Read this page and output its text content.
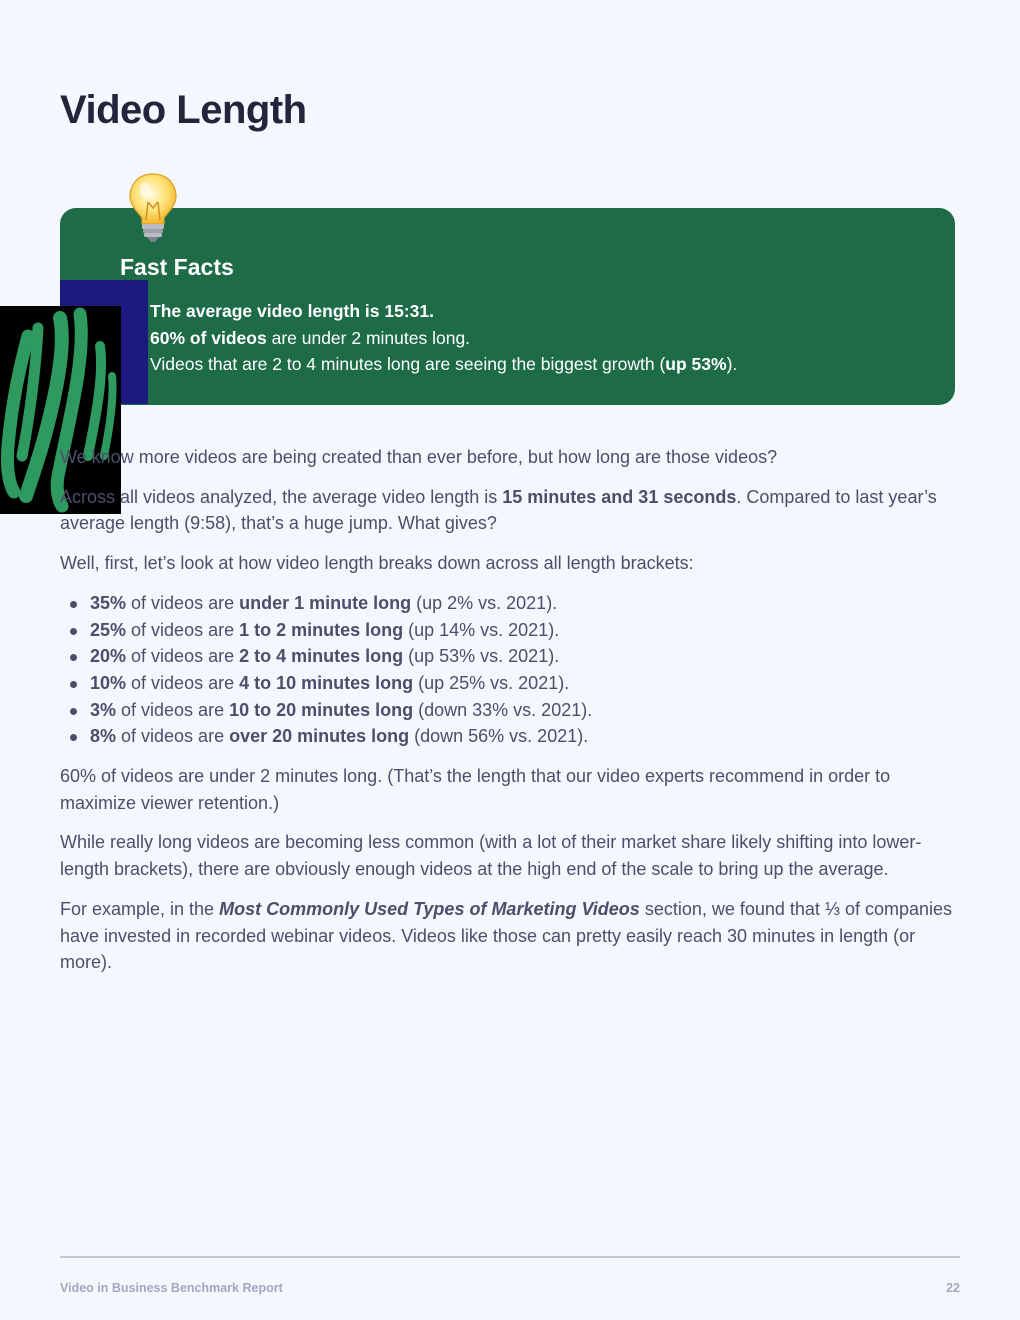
Video Length
Fast Facts
The average video length is 15:31.
60% of videos are under 2 minutes long.
Videos that are 2 to 4 minutes long are seeing the biggest growth (up 53%).

We know more videos are being created than ever before, but how long are those videos?

Across all videos analyzed, the average video length is 15 minutes and 31 seconds. Compared to last year’s average length (9:58), that’s a huge jump. What gives?

Well, first, let’s look at how video length breaks down across all length brackets:

35% of videos are under 1 minute long (up 2% vs. 2021).
25% of videos are 1 to 2 minutes long (up 14% vs. 2021).
20% of videos are 2 to 4 minutes long (up 53% vs. 2021).
10% of videos are 4 to 10 minutes long (up 25% vs. 2021).
3% of videos are 10 to 20 minutes long (down 33% vs. 2021).
8% of videos are over 20 minutes long (down 56% vs. 2021).

60% of videos are under 2 minutes long. (That’s the length that our video experts recommend in order to maximize viewer retention.)

While really long videos are becoming less common (with a lot of their market share likely shifting into lower-length brackets), there are obviously enough videos at the high end of the scale to bring up the average.

For example, in the Most Commonly Used Types of Marketing Videos section, we found that ⅓ of companies have invested in recorded webinar videos. Videos like those can pretty easily reach 30 minutes in length (or more).

Video in Business Benchmark Report	22
